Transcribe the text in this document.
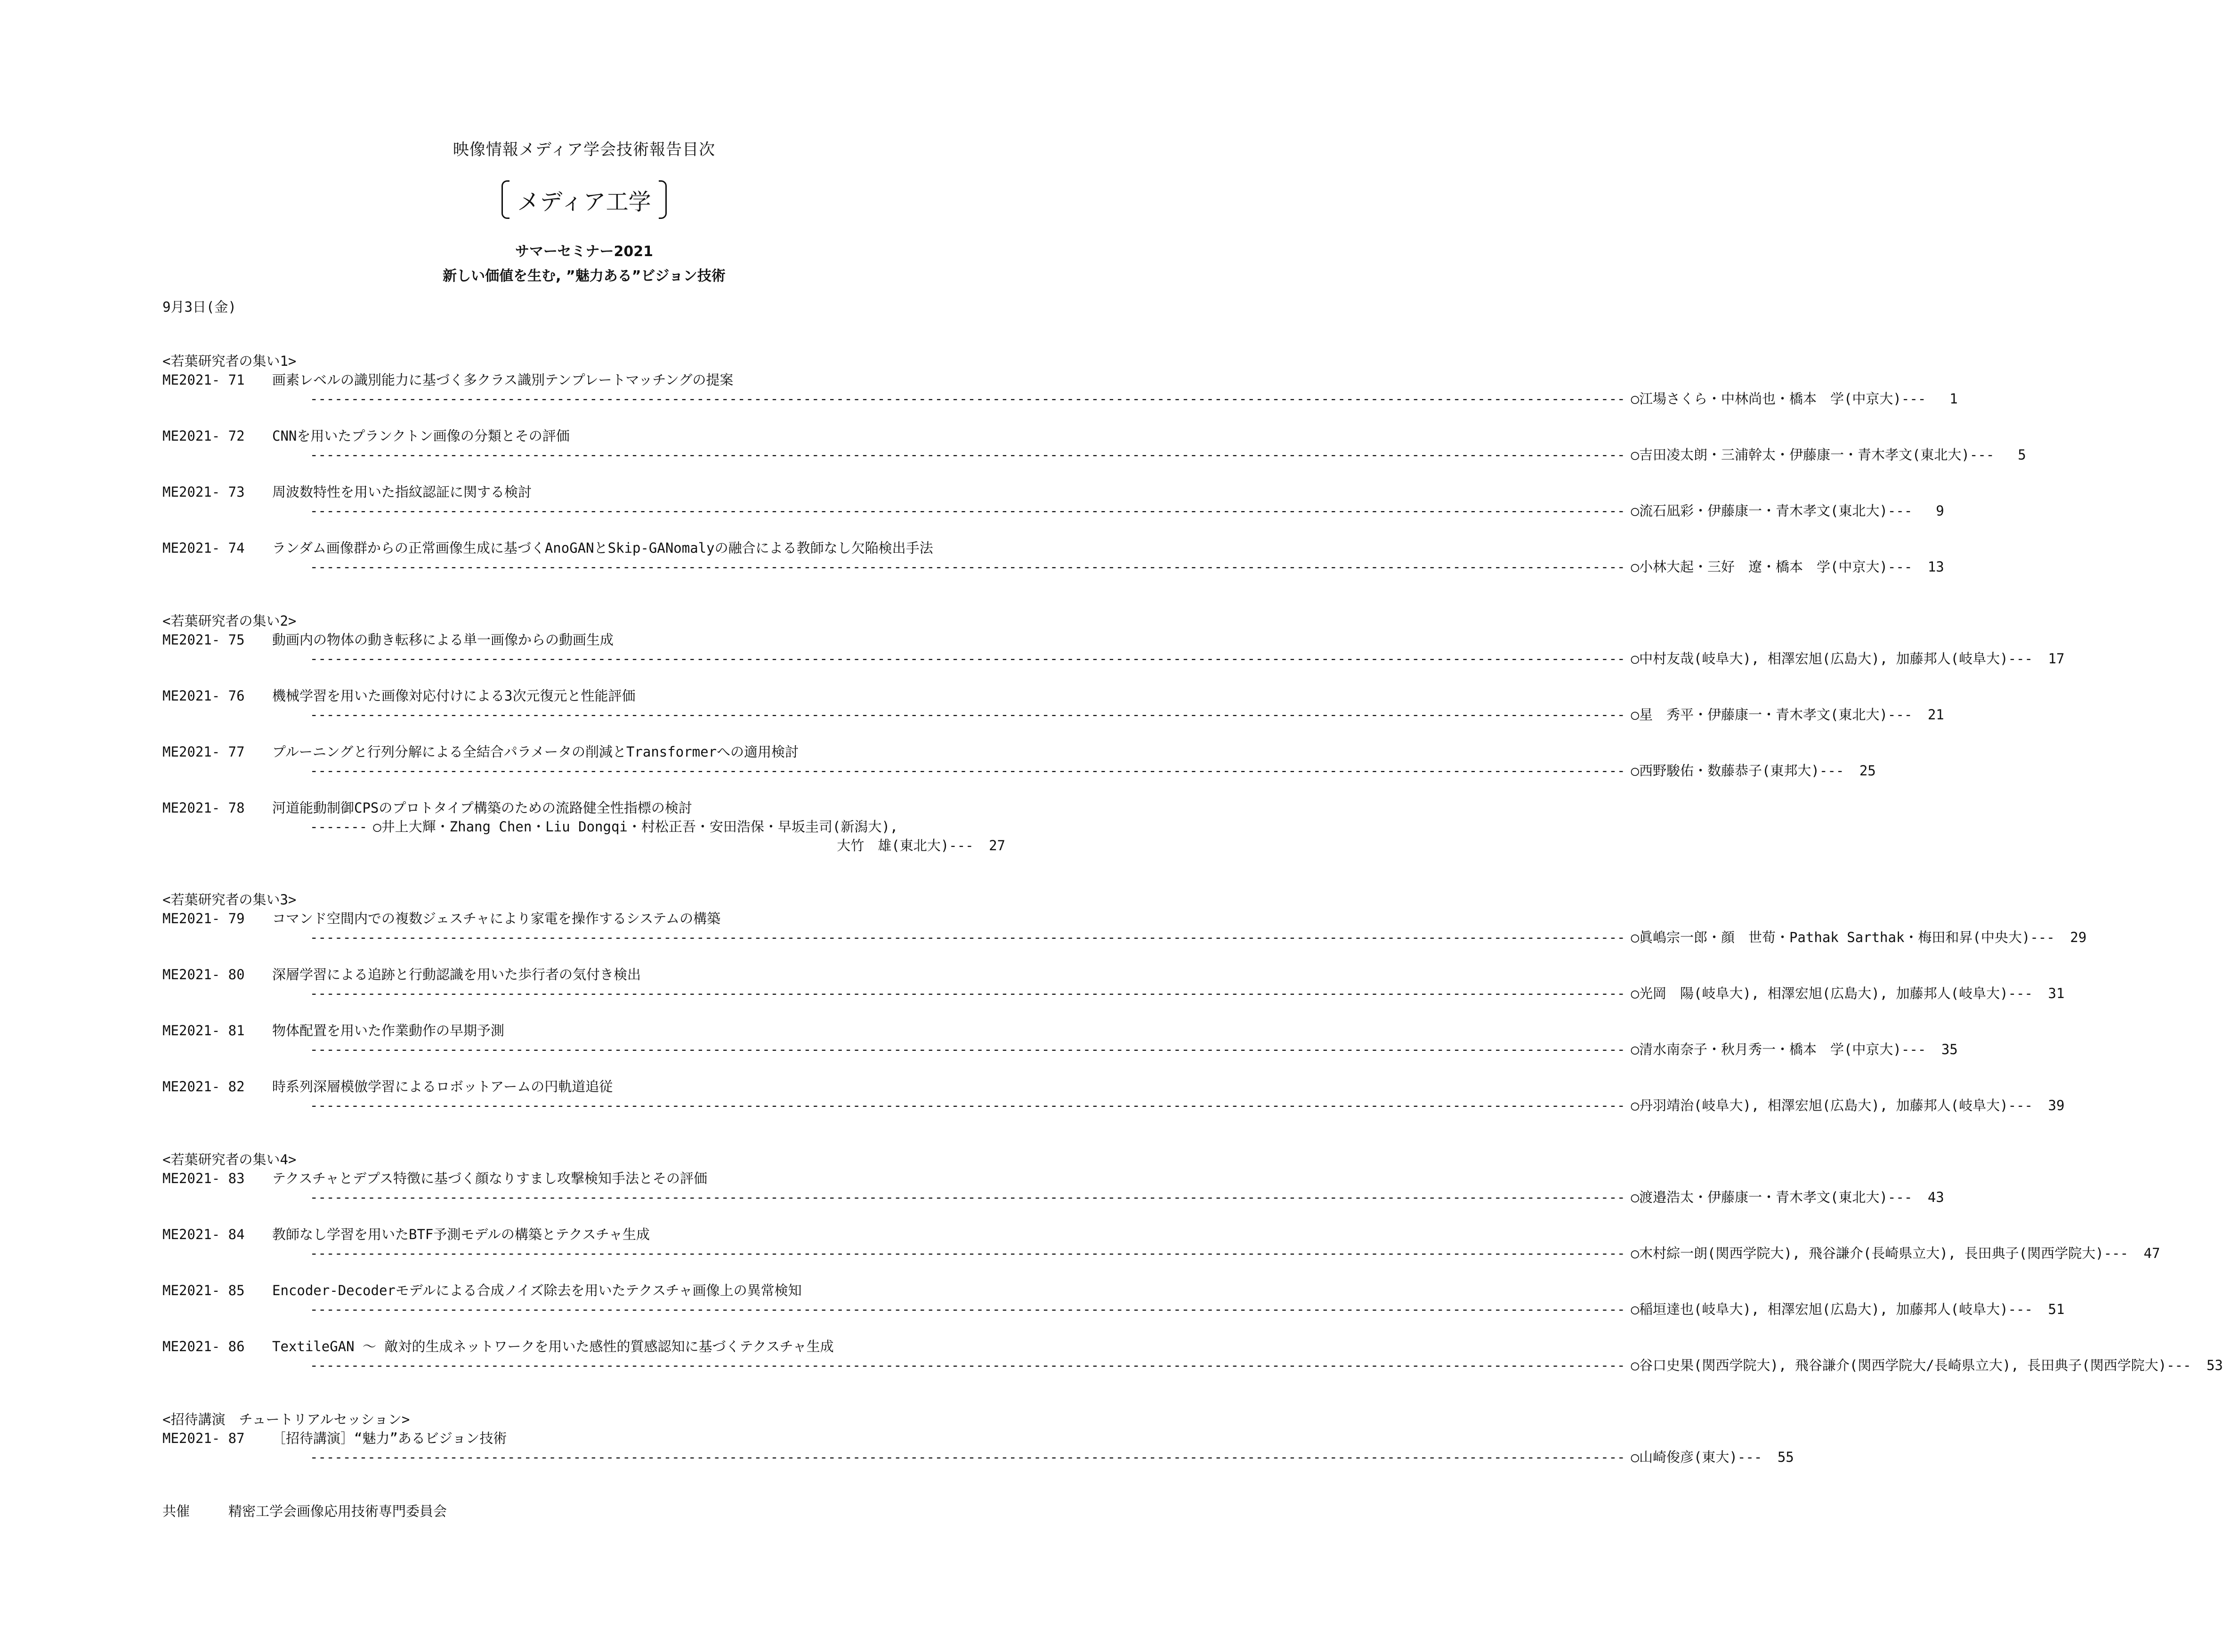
映像情報メディア学会技術報告目次
メディア工学
サマーセミナー2021
新しい価値を生む, ”魅力ある”ビジョン技術
9月3日(金)
<若葉研究者の集い1>
ME2021- 71	画素レベルの識別能力に基づく多クラス識別テンプレートマッチングの提案
---------------------------------------------------------------------------------------------------------------------------------------------------------------- ○江場さくら・中林尚也・橋本　学(中京大) ---	1
ME2021- 72	CNNを用いたプランクトン画像の分類とその評価
---------------------------------------------------------------------------------------------------------------------------------------------------------------- ○吉田凌太朗・三浦幹太・伊藤康一・青木孝文(東北大) ---	5
ME2021- 73	周波数特性を用いた指紋認証に関する検討
---------------------------------------------------------------------------------------------------------------------------------------------------------------- ○流石凪彩・伊藤康一・青木孝文(東北大) ---	9
ME2021- 74	ランダム画像群からの正常画像生成に基づくAnoGANとSkip-GANomalyの融合による教師なし欠陥検出手法
---------------------------------------------------------------------------------------------------------------------------------------------------------------- ○小林大起・三好　遼・橋本　学(中京大) --- 13
<若葉研究者の集い2>
ME2021- 75	動画内の物体の動き転移による単一画像からの動画生成
---------------------------------------------------------------------------------------------------------------------------------------------------------------- ○中村友哉(岐阜大), 相澤宏旭(広島大), 加藤邦人(岐阜大) --- 17
ME2021- 76	機械学習を用いた画像対応付けによる3次元復元と性能評価
---------------------------------------------------------------------------------------------------------------------------------------------------------------- ○星　秀平・伊藤康一・青木孝文(東北大) --- 21
ME2021- 77	プルーニングと行列分解による全結合パラメータの削減とTransformerへの適用検討
---------------------------------------------------------------------------------------------------------------------------------------------------------------- ○西野駿佑・数藤恭子(東邦大) --- 25
ME2021- 78	河道能動制御CPSのプロトタイプ構築のための流路健全性指標の検討
------- ○井上大輝・Zhang Chen・Liu Dongqi・村松正吾・安田浩保・早坂圭司(新潟大),
大竹　雄(東北大) --- 27
<若葉研究者の集い3>
ME2021- 79	コマンド空間内での複数ジェスチャにより家電を操作するシステムの構築
---------------------------------------------------------------------------------------------------------------------------------------------------------------- ○眞嶋宗一郎・顔　世荀・Pathak Sarthak・梅田和昇(中央大) --- 29
ME2021- 80	深層学習による追跡と行動認識を用いた歩行者の気付き検出
---------------------------------------------------------------------------------------------------------------------------------------------------------------- ○光岡　陽(岐阜大), 相澤宏旭(広島大), 加藤邦人(岐阜大) --- 31
ME2021- 81	物体配置を用いた作業動作の早期予測
---------------------------------------------------------------------------------------------------------------------------------------------------------------- ○清水南奈子・秋月秀一・橋本　学(中京大) --- 35
ME2021- 82	時系列深層模倣学習によるロボットアームの円軌道追従
---------------------------------------------------------------------------------------------------------------------------------------------------------------- ○丹羽靖治(岐阜大), 相澤宏旭(広島大), 加藤邦人(岐阜大) --- 39
<若葉研究者の集い4>
ME2021- 83	テクスチャとデプス特徴に基づく顔なりすまし攻撃検知手法とその評価
---------------------------------------------------------------------------------------------------------------------------------------------------------------- ○渡邉浩太・伊藤康一・青木孝文(東北大) --- 43
ME2021- 84	教師なし学習を用いたBTF予測モデルの構築とテクスチャ生成
---------------------------------------------------------------------------------------------------------------------------------------------------------------- ○木村綜一朗(関西学院大), 飛谷謙介(長崎県立大), 長田典子(関西学院大) --- 47
ME2021- 85	Encoder-Decoderモデルによる合成ノイズ除去を用いたテクスチャ画像上の異常検知
---------------------------------------------------------------------------------------------------------------------------------------------------------------- ○稲垣達也(岐阜大), 相澤宏旭(広島大), 加藤邦人(岐阜大) --- 51
ME2021- 86	TextileGAN 〜 敵対的生成ネットワークを用いた感性的質感認知に基づくテクスチャ生成
---------------------------------------------------------------------------------------------------------------------------------------------------------------- ○谷口史果(関西学院大), 飛谷謙介(関西学院大/長崎県立大), 長田典子(関西学院大) --- 53
<招待講演　チュートリアルセッション>
ME2021- 87	［招待講演］“魅力”あるビジョン技術
---------------------------------------------------------------------------------------------------------------------------------------------------------------- ○山崎俊彦(東大) --- 55
共催	精密工学会画像応用技術専門委員会
